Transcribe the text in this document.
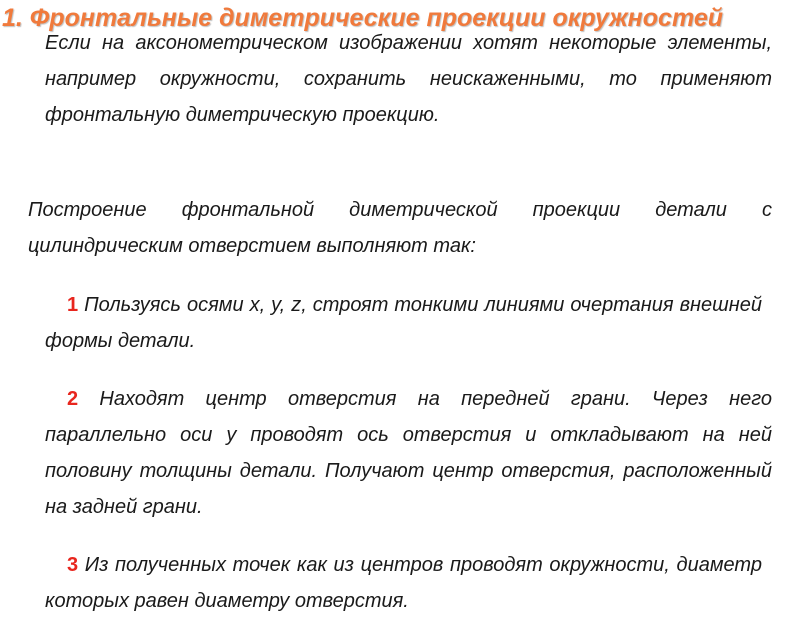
Если на аксонометрическом изображении хотят некоторые элементы, например окружности, сохранить неискаженными, то применяют фронтальную диметрическую проекцию.

1. Фронтальные диметрические проекции окружностей

Построение фронтальной диметрической проекции детали с цилиндрическим отверстием выполняют так:

1 Пользуясь осями x, y, z, строят тонкими линиями очертания внешней формы детали.

2 Находят центр отверстия на передней грани. Через него параллельно оси y проводят ось отверстия и откладывают на ней половину толщины детали. Получают центр отверстия, расположенный на задней грани.

3 Из полученных точек как из центров проводят окружности, диаметр которых равен диаметру отверстия.
